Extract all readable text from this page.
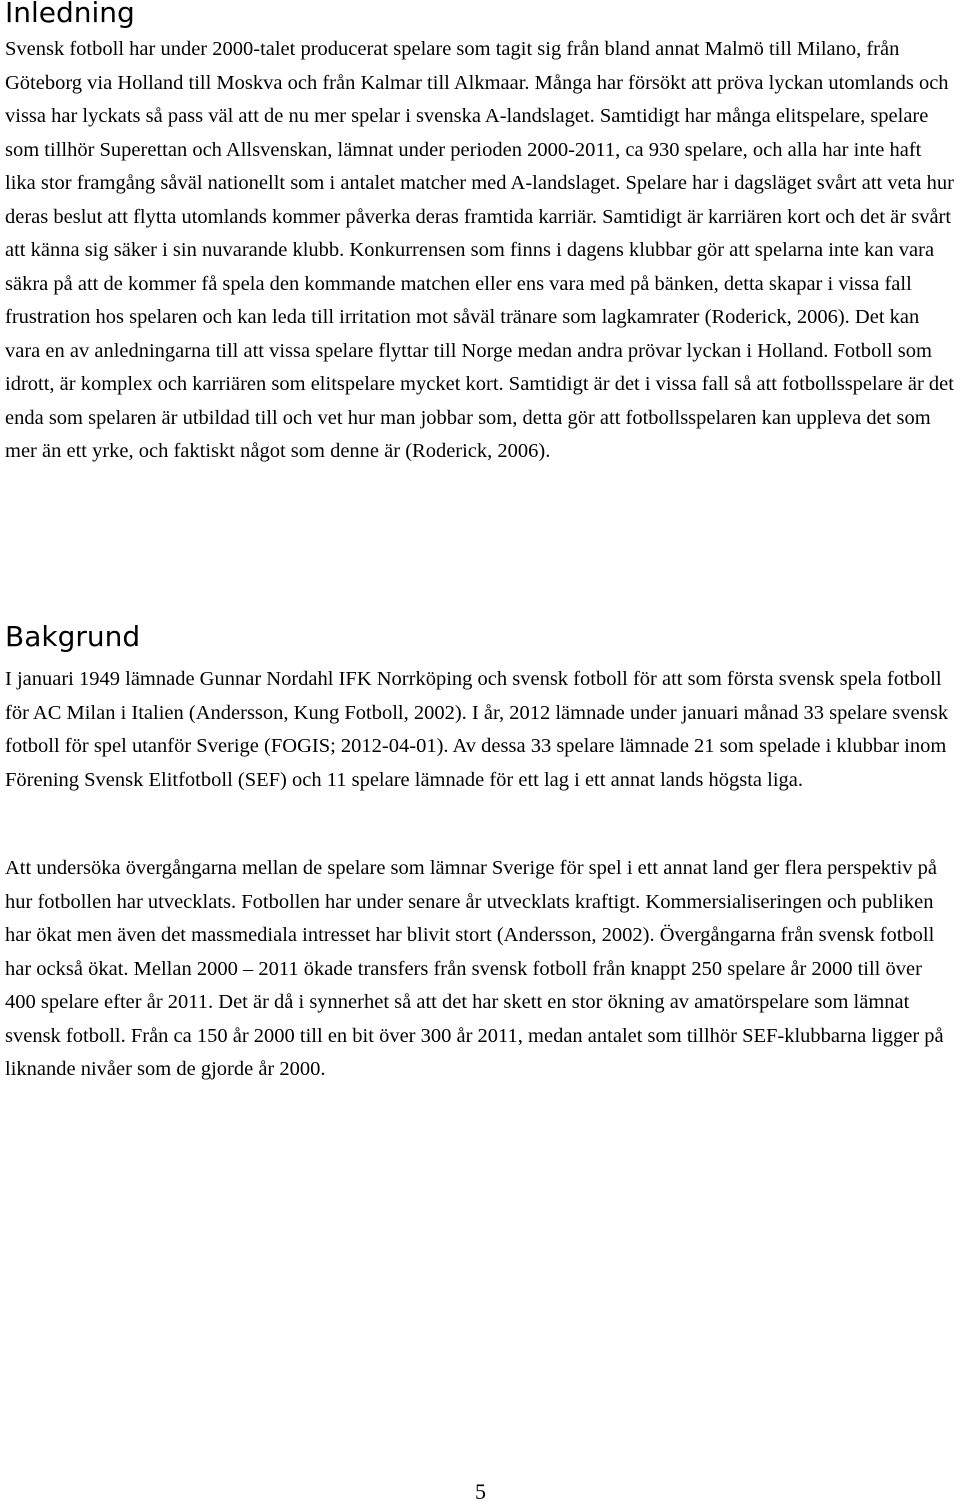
Inledning

Svensk fotboll har under 2000-talet producerat spelare som tagit sig från bland annat Malmö till Milano, från Göteborg via Holland till Moskva och från Kalmar till Alkmaar. Många har försökt att pröva lyckan utomlands och vissa har lyckats så pass väl att de nu mer spelar i svenska A-landslaget. Samtidigt har många elitspelare, spelare som tillhör Superettan och Allsvenskan, lämnat under perioden 2000-2011, ca 930 spelare, och alla har inte haft lika stor framgång såväl nationellt som i antalet matcher med A-landslaget. Spelare har i dagsläget svårt att veta hur deras beslut att flytta utomlands kommer påverka deras framtida karriär. Samtidigt är karriären kort och det är svårt att känna sig säker i sin nuvarande klubb. Konkurrensen som finns i dagens klubbar gör att spelarna inte kan vara säkra på att de kommer få spela den kommande matchen eller ens vara med på bänken, detta skapar i vissa fall frustration hos spelaren och kan leda till irritation mot såväl tränare som lagkamrater (Roderick, 2006). Det kan vara en av anledningarna till att vissa spelare flyttar till Norge medan andra prövar lyckan i Holland. Fotboll som idrott, är komplex och karriären som elitspelare mycket kort. Samtidigt är det i vissa fall så att fotbollsspelare är det enda som spelaren är utbildad till och vet hur man jobbar som, detta gör att fotbollsspelaren kan uppleva det som mer än ett yrke, och faktiskt något som denne är (Roderick, 2006).

Bakgrund

I januari 1949 lämnade Gunnar Nordahl IFK Norrköping och svensk fotboll för att som första svensk spela fotboll för AC Milan i Italien (Andersson, Kung Fotboll, 2002). I år, 2012 lämnade under januari månad 33 spelare svensk fotboll för spel utanför Sverige (FOGIS; 2012-04-01). Av dessa 33 spelare lämnade 21 som spelade i klubbar inom Förening Svensk Elitfotboll (SEF) och 11 spelare lämnade för ett lag i ett annat lands högsta liga.

Att undersöka övergångarna mellan de spelare som lämnar Sverige för spel i ett annat land ger flera perspektiv på hur fotbollen har utvecklats. Fotbollen har under senare år utvecklats kraftigt. Kommersialiseringen och publiken har ökat men även det massmediala intresset har blivit stort (Andersson, 2002). Övergångarna från svensk fotboll har också ökat. Mellan 2000 – 2011 ökade transfers från svensk fotboll från knappt 250 spelare år 2000 till över 400 spelare efter år 2011. Det är då i synnerhet så att det har skett en stor ökning av amatörspelare som lämnat svensk fotboll. Från ca 150 år 2000 till en bit över 300 år 2011, medan antalet som tillhör SEF-klubbarna ligger på liknande nivåer som de gjorde år 2000.

5
